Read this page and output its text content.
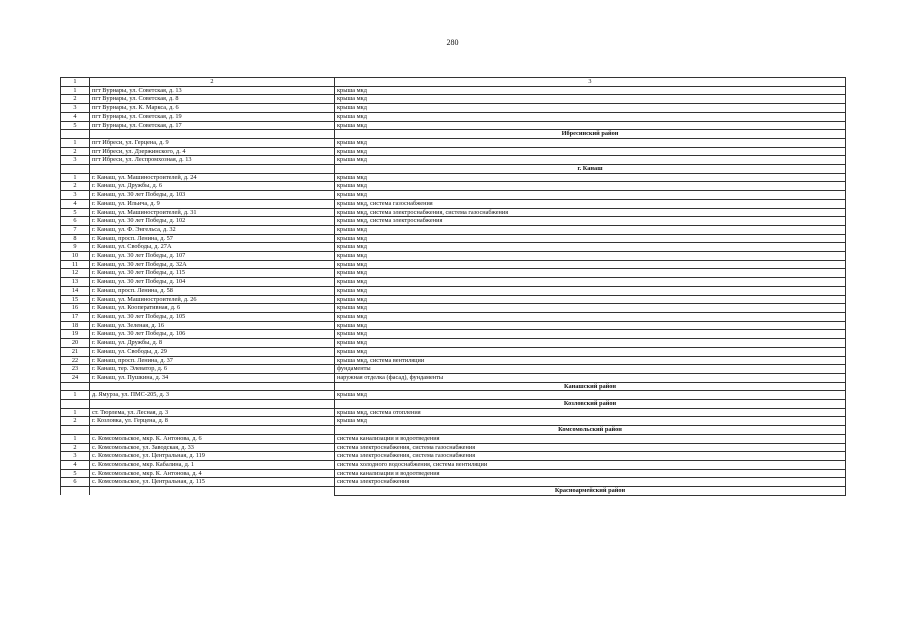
280
1	2	3
1	пгт Вурнары, ул. Советская, д. 13	крыша мкд
2	пгт Вурнары, ул. Советская, д. 8	крыша мкд
3	пгт Вурнары, ул. К. Маркса, д. 6	крыша мкд
4	пгт Вурнары, ул. Советская, д. 19	крыша мкд
5	пгт Вурнары, ул. Советская, д. 17	крыша мкд
		Ибресинский район
1	пгт Ибреси, ул. Герцена, д. 9	крыша мкд
2	пгт Ибреси, ул. Дзержинского, д. 4	крыша мкд
3	пгт Ибреси, ул. Леспромхозная, д. 13	крыша мкд
		г. Канаш
1	г. Канаш, ул. Машиностроителей, д. 24	крыша мкд
2	г. Канаш, ул. Дружбы, д. 6	крыша мкд
3	г. Канаш, ул. 30 лет Победы, д. 103	крыша мкд
4	г. Канаш, ул. Ильича, д. 9	крыша мкд, система газоснабжения
5	г. Канаш, ул. Машиностроителей, д. 31	крыша мкд, система электроснабжения, система газоснабжения
6	г. Канаш, ул. 30 лет Победы, д. 102	крыша мкд, система электроснабжения
7	г. Канаш, ул. Ф. Энгельса, д. 32	крыша мкд
8	г. Канаш, просп. Ленина, д. 57	крыша мкд
9	г. Канаш, ул. Свободы, д. 27А	крыша мкд
10	г. Канаш, ул. 30 лет Победы, д. 107	крыша мкд
11	г. Канаш, ул. 30 лет Победы, д. 32А	крыша мкд
12	г. Канаш, ул. 30 лет Победы, д. 115	крыша мкд
13	г. Канаш, ул. 30 лет Победы, д. 104	крыша мкд
14	г. Канаш, просп. Ленина, д. 58	крыша мкд
15	г. Канаш, ул. Машиностроителей, д. 26	крыша мкд
16	г. Канаш, ул. Кооперативная, д. 6	крыша мкд
17	г. Канаш, ул. 30 лет Победы, д. 105	крыша мкд
18	г. Канаш, ул. Зеленая, д. 16	крыша мкд
19	г. Канаш, ул. 30 лет Победы, д. 106	крыша мкд
20	г. Канаш, ул. Дружбы, д. 8	крыша мкд
21	г. Канаш, ул. Свободы, д. 29	крыша мкд
22	г. Канаш, просп. Ленина, д. 37	крыша мкд, система вентиляции
23	г. Канаш, тер. Элеватор, д. 6	фундаменты
24	г. Канаш, ул. Пушкина, д. 34	наружная отделка (фасад), фундаменты
		Канашский район
1	д. Ямурза, ул. ПМС-205, д. 3	крыша мкд
		Козловский район
1	ст. Тюрлема, ул. Лесная, д. 3	крыша мкд, система отопления
2	г. Козловка, ул. Герцена, д. 8	крыша мкд
		Комсомольский район
1	с. Комсомольское, мкр. К. Антонова, д. 6	система канализации и водоотведения
2	с. Комсомольское, ул. Заводская, д. 33	система электроснабжения, система газоснабжения
3	с. Комсомольское, ул. Центральная, д. 119	система электроснабжения, система газоснабжения
4	с. Комсомольское, мкр. Кабалина, д. 1	система холодного водоснабжения, система вентиляции
5	с. Комсомольское, мкр. К. Антонова, д. 4	система канализации и водоотведения
6	с. Комсомольское, ул. Центральная, д. 115	система электроснабжения
		Красноармейский район
